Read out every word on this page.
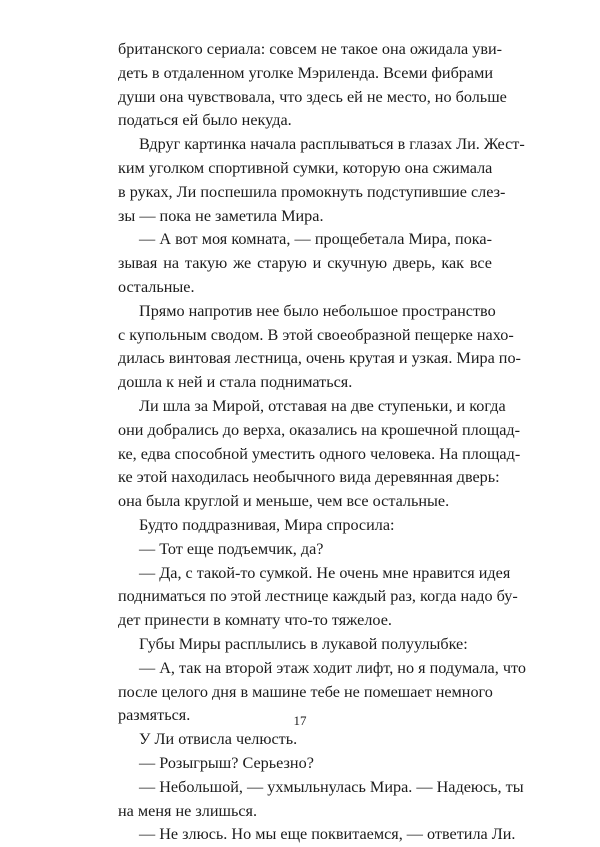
британского сериала: совсем не такое она ожидала уви-
деть в отдаленном уголке Мэриленда. Всеми фибрами
души она чувствовала, что здесь ей не место, но больше
податься ей было некуда.
Вдруг картинка начала расплываться в глазах Ли. Жест-
ким уголком спортивной сумки, которую она сжимала
в руках, Ли поспешила промокнуть подступившие слез-
зы — пока не заметила Мира.
— А вот моя комната, — прощебетала Мира, пока-
зывая на такую же старую и скучную дверь, как все
остальные.
Прямо напротив нее было небольшое пространство
с купольным сводом. В этой своеобразной пещерке нахо-
дилась винтовая лестница, очень крутая и узкая. Мира по-
дошла к ней и стала подниматься.
Ли шла за Мирой, отставая на две ступеньки, и когда
они добрались до верха, оказались на крошечной площад-
ке, едва способной уместить одного человека. На площад-
ке этой находилась необычного вида деревянная дверь:
она была круглой и меньше, чем все остальные.
Будто поддразнивая, Мира спросила:
— Тот еще подъемчик, да?
— Да, с такой-то сумкой. Не очень мне нравится идея
подниматься по этой лестнице каждый раз, когда надо бу-
дет принести в комнату что-то тяжелое.
Губы Миры расплылись в лукавой полуулыбке:
— А, так на второй этаж ходит лифт, но я подумала, что
после целого дня в машине тебе не помешает немного
размяться.
У Ли отвисла челюсть.
— Розыгрыш? Серьезно?
— Небольшой, — ухмыльнулась Мира. — Надеюсь, ты
на меня не злишься.
— Не злюсь. Но мы еще поквитаемся, — ответила Ли.
17
